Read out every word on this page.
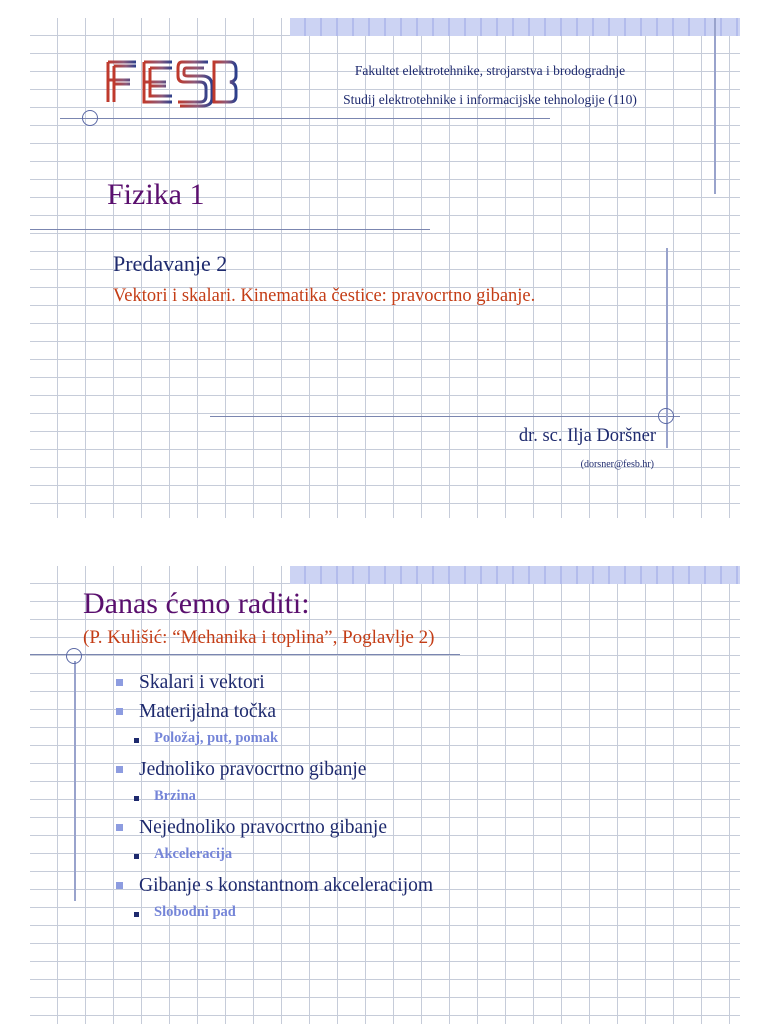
Fakultet elektrotehnike, strojarstva i brodogradnje
Studij elektrotehnike i informacijske tehnologije (110)
Fizika 1
Predavanje 2
Vektori i skalari. Kinematika čestice: pravocrtno gibanje.
dr. sc. Ilja Doršner
(dorsner@fesb.hr)
Danas ćemo raditi:
(P. Kulišić: “Mehanika i toplina”, Poglavlje 2)
Skalari i vektori
Materijalna točka
Položaj, put, pomak
Jednoliko pravocrtno gibanje
Brzina
Nejednoliko pravocrtno gibanje
Akceleracija
Gibanje s konstantnom akceleracijom
Slobodni pad
